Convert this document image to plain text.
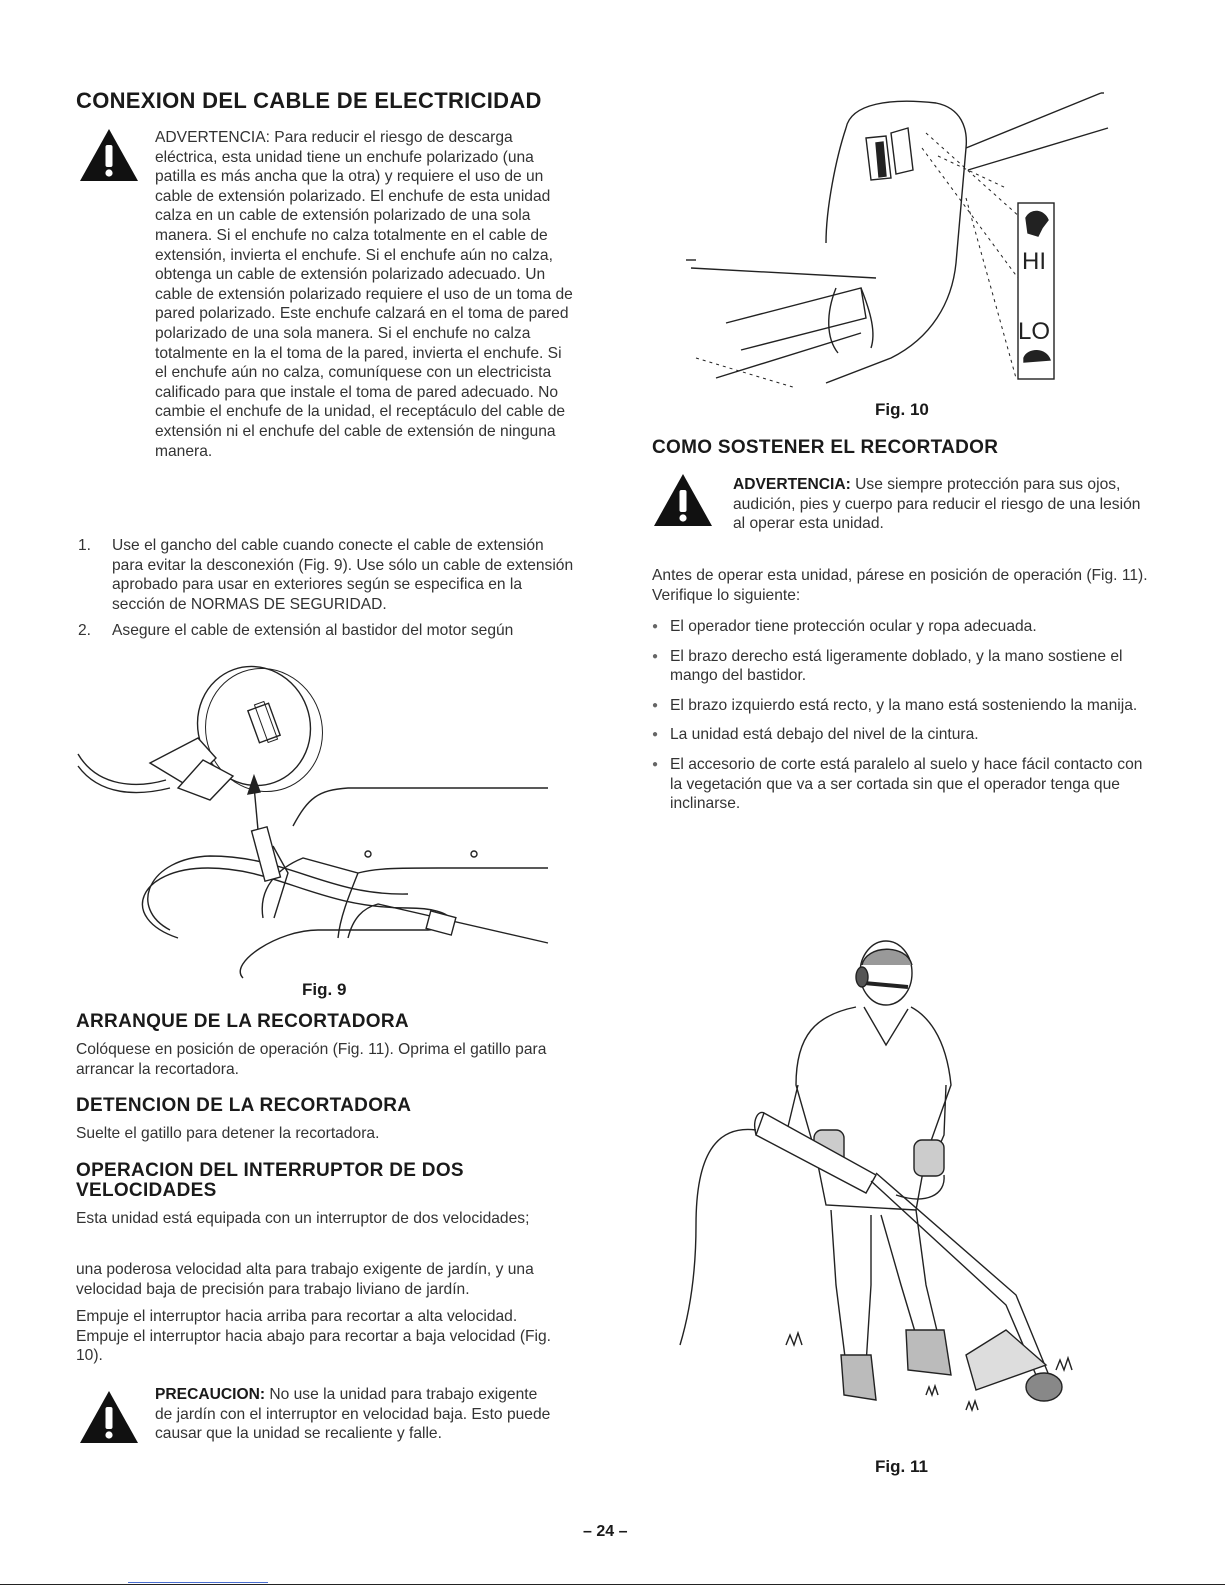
CONEXION DEL CABLE DE ELECTRICIDAD
ADVERTENCIA: Para reducir el riesgo de descarga eléctrica, esta unidad tiene un enchufe polarizado (una patilla es más ancha que la otra) y requiere el uso de un cable de extensión polarizado. El enchufe de esta unidad calza en un cable de extensión polarizado de una sola manera. Si el enchufe no calza totalmente en el cable de extensión, invierta el enchufe. Si el enchufe aún no calza, obtenga un cable de extensión polarizado adecuado. Un cable de extensión polarizado requiere el uso de un toma de pared polarizado. Este enchufe calzará en el toma de pared polarizado de una sola manera. Si el enchufe no calza totalmente en la el toma de la pared, invierta el enchufe. Si el enchufe aún no calza, comuníquese con un electricista calificado para que instale el toma de pared adecuado. No cambie el enchufe de la unidad, el receptáculo del cable de extensión ni el enchufe del cable de extensión de ninguna manera.
1.	Use el gancho del cable cuando conecte el cable de extensión para evitar la desconexión (Fig. 9). Use sólo un cable de extensión aprobado para usar en exteriores según se especifica en la sección de NORMAS DE SEGURIDAD.
2.	Asegure el cable de extensión al bastidor del motor según
Fig. 9
ARRANQUE DE LA RECORTADORA

Colóquese en posición de operación (Fig. 11). Oprima el gatillo para arrancar la recortadora.

DETENCION DE LA RECORTADORA

Suelte el gatillo para detener la recortadora.

OPERACION DEL INTERRUPTOR DE DOS
VELOCIDADES

Esta unidad está equipada con un interruptor de dos velocidades;

una poderosa velocidad alta para trabajo exigente de jardín, y una velocidad baja de precisión para trabajo liviano de jardín.

Empuje el interruptor hacia arriba para recortar a alta velocidad. Empuje el interruptor hacia abajo para recortar a baja velocidad (Fig. 10).

PRECAUCION: No use la unidad para trabajo exigente de jardín con el interruptor en velocidad baja. Esto puede causar que la unidad se recaliente y falle.
HI
LO
Fig. 10
COMO SOSTENER EL RECORTADOR
ADVERTENCIA: Use siempre protección para sus ojos, audición, pies y cuerpo para reducir el riesgo de una lesión al operar esta unidad.

Antes de operar esta unidad, párese en posición de operación (Fig. 11). Verifique lo siguiente:

● El operador tiene protección ocular y ropa adecuada.
● El brazo derecho está ligeramente doblado, y la mano sostiene el mango del bastidor.
● El brazo izquierdo está recto, y la mano está sosteniendo la manija.
● La unidad está debajo del nivel de la cintura.
● El accesorio de corte está paralelo al suelo y hace fácil contacto con la vegetación que va a ser cortada sin que el operador tenga que inclinarse.
Fig. 11
– 24 –
